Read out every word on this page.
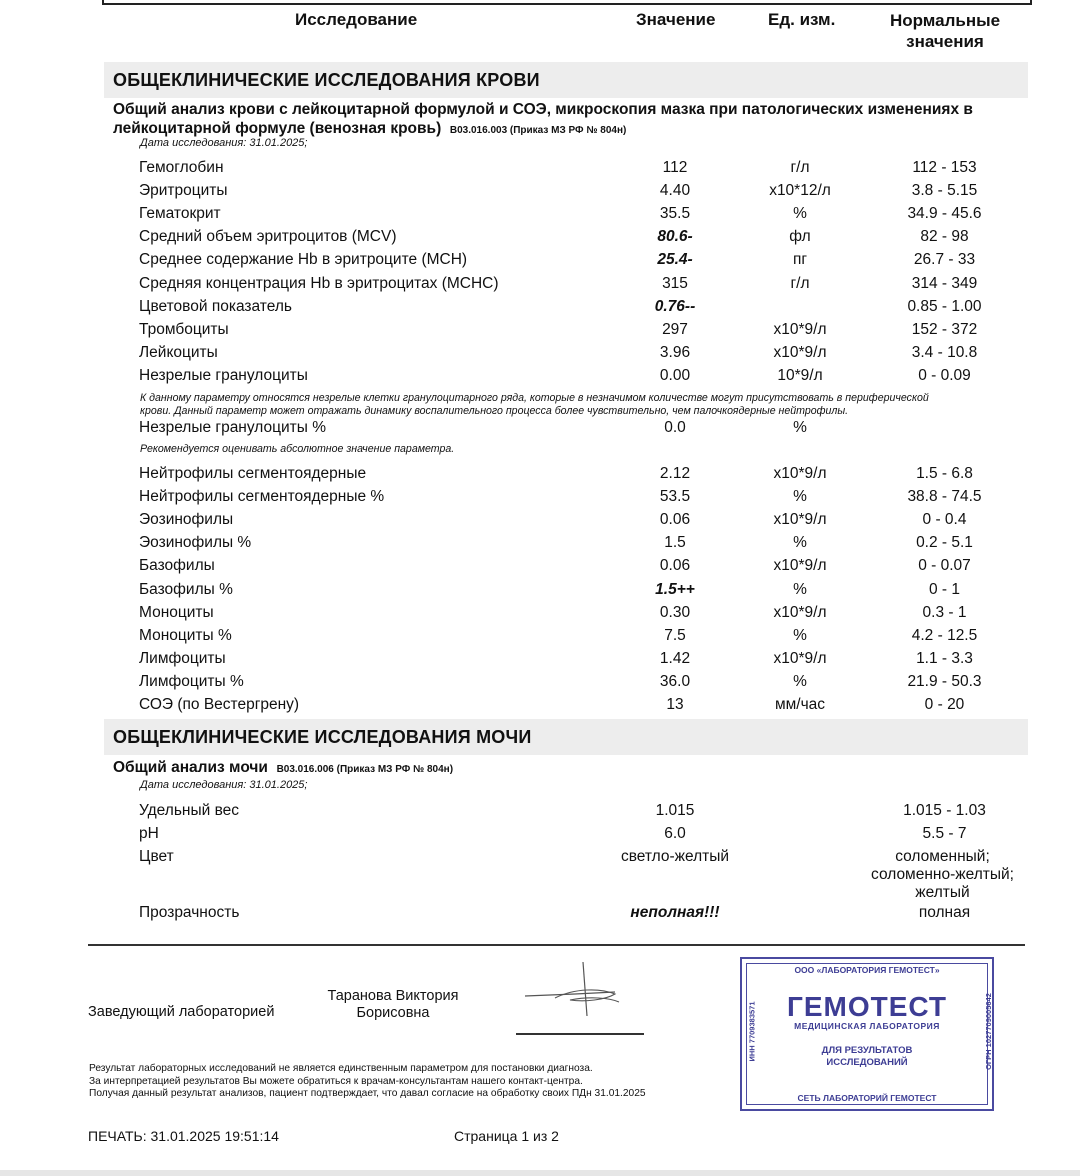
Исследование	Значение	Ед. изм.	Нормальные
значения
ОБЩЕКЛИНИЧЕСКИЕ ИССЛЕДОВАНИЯ КРОВИ
Общий анализ крови с лейкоцитарной формулой и СОЭ, микроскопия мазка при патологических изменениях в
лейкоцитарной формуле (венозная кровь) B03.016.003 (Приказ МЗ РФ № 804н)
Дата исследования: 31.01.2025;
Гемоглобин	112	г/л	112 - 153
Эритроциты	4.40	x10*12/л	3.8 - 5.15
Гематокрит	35.5	%	34.9 - 45.6
Средний объем эритроцитов (MCV)	80.6-	фл	82 - 98
Среднее содержание Hb в эритроците (MCH)	25.4-	пг	26.7 - 33
Средняя концентрация Hb в эритроцитах (MCHC)	315	г/л	314 - 349
Цветовой показатель	0.76--	0.85 - 1.00
Тромбоциты	297	x10*9/л	152 - 372
Лейкоциты	3.96	x10*9/л	3.4 - 10.8
Незрелые гранулоциты	0.00	10*9/л	0 - 0.09
К данному параметру относятся незрелые клетки гранулоцитарного ряда, которые в незначимом количестве могут присутствовать в периферической
крови. Данный параметр может отражать динамику воспалительного процесса более чувствительно, чем палочкоядерные нейтрофилы.
Незрелые гранулоциты %	0.0	%
Рекомендуется оценивать абсолютное значение параметра.
Нейтрофилы сегментоядерные	2.12	x10*9/л	1.5 - 6.8
Нейтрофилы сегментоядерные %	53.5	%	38.8 - 74.5
Эозинофилы	0.06	x10*9/л	0 - 0.4
Эозинофилы %	1.5	%	0.2 - 5.1
Базофилы	0.06	x10*9/л	0 - 0.07
Базофилы %	1.5++	%	0 - 1
Моноциты	0.30	x10*9/л	0.3 - 1
Моноциты %	7.5	%	4.2 - 12.5
Лимфоциты	1.42	x10*9/л	1.1 - 3.3
Лимфоциты %	36.0	%	21.9 - 50.3
СОЭ (по Вестергрену)	13	мм/час	0 - 20
ОБЩЕКЛИНИЧЕСКИЕ ИССЛЕДОВАНИЯ МОЧИ
Общий анализ мочи B03.016.006 (Приказ МЗ РФ № 804н)
Дата исследования: 31.01.2025;
Удельный вес	1.015	1.015 - 1.03
pH	6.0	5.5 - 7
Цвет	светло-желтый	соломенный;
соломенно-желтый;
желтый
Прозрачность	неполная!!!	полная
Заведующий лабораторией
Таранова Виктория
Борисовна
ООО «ЛАБОРАТОРИЯ ГЕМОТЕСТ»
ГЕМОТЕСТ
МЕДИЦИНСКАЯ ЛАБОРАТОРИЯ
ДЛЯ РЕЗУЛЬТАТОВ
ИССЛЕДОВАНИЙ
СЕТЬ ЛАБОРАТОРИЙ ГЕМОТЕСТ
ИНН 7709383571	ОГРН 1027709005642
Результат лабораторных исследований не является единственным параметром для постановки диагноза.
За интерпретацией результатов Вы можете обратиться к врачам-консультантам нашего контакт-центра.
Получая данный результат анализов, пациент подтверждает, что давал согласие на обработку своих ПДн 31.01.2025
ПЕЧАТЬ: 31.01.2025 19:51:14	Страница 1 из 2
